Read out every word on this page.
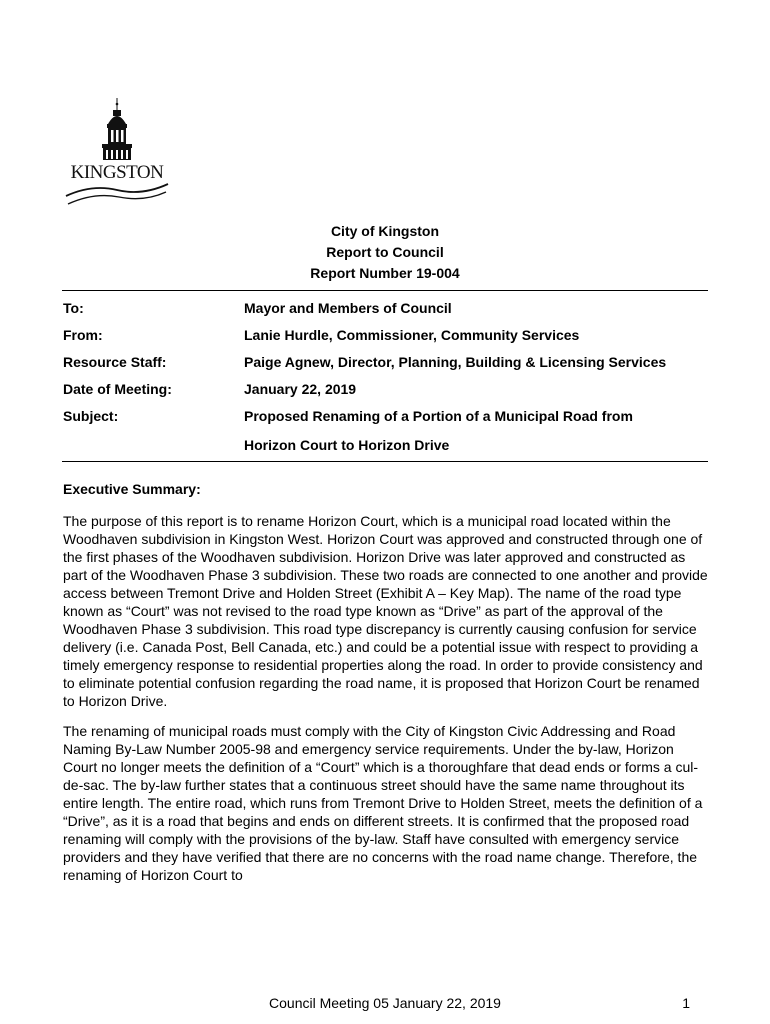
KINGSTON
City of Kingston
Report to Council
Report Number 19-004
To:	Mayor and Members of Council
From:	Lanie Hurdle, Commissioner, Community Services
Resource Staff:	Paige Agnew, Director, Planning, Building & Licensing Services
Date of Meeting:	January 22, 2019
Subject:	Proposed Renaming of a Portion of a Municipal Road from
Horizon Court to Horizon Drive
Executive Summary:

The purpose of this report is to rename Horizon Court, which is a municipal road located within the Woodhaven subdivision in Kingston West. Horizon Court was approved and constructed through one of the first phases of the Woodhaven subdivision. Horizon Drive was later approved and constructed as part of the Woodhaven Phase 3 subdivision. These two roads are connected to one another and provide access between Tremont Drive and Holden Street (Exhibit A – Key Map). The name of the road type known as “Court” was not revised to the road type known as “Drive” as part of the approval of the Woodhaven Phase 3 subdivision. This road type discrepancy is currently causing confusion for service delivery (i.e. Canada Post, Bell Canada, etc.) and could be a potential issue with respect to providing a timely emergency response to residential properties along the road. In order to provide consistency and to eliminate potential confusion regarding the road name, it is proposed that Horizon Court be renamed to Horizon Drive.

The renaming of municipal roads must comply with the City of Kingston Civic Addressing and Road Naming By-Law Number 2005-98 and emergency service requirements. Under the by-law, Horizon Court no longer meets the definition of a “Court” which is a thoroughfare that dead ends or forms a cul-de-sac. The by-law further states that a continuous street should have the same name throughout its entire length. The entire road, which runs from Tremont Drive to Holden Street, meets the definition of a “Drive”, as it is a road that begins and ends on different streets. It is confirmed that the proposed road renaming will comply with the provisions of the by-law. Staff have consulted with emergency service providers and they have verified that there are no concerns with the road name change. Therefore, the renaming of Horizon Court to

Council Meeting 05 January 22, 2019	1
